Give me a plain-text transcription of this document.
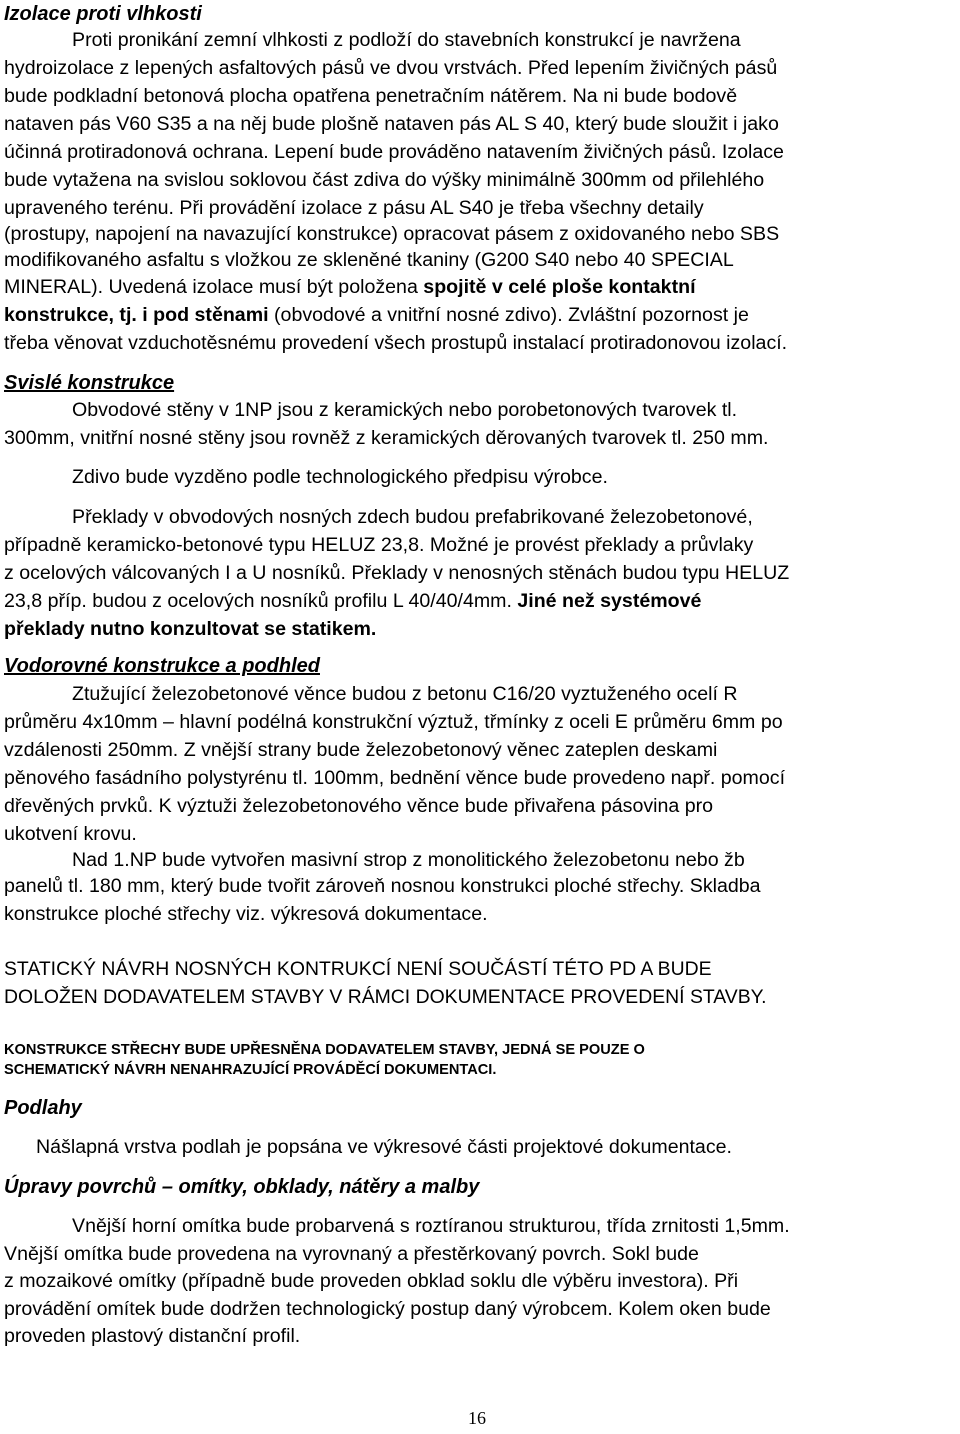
Izolace proti vlhkosti
Proti pronikání zemní vlhkosti z podloží do stavebních konstrukcí je navržena
hydroizolace z lepených asfaltových pásů ve dvou vrstvách. Před lepením živičných pásů
bude podkladní betonová plocha opatřena penetračním nátěrem. Na ni bude bodově
nataven pás V60 S35 a na něj bude plošně nataven pás AL S 40, který bude sloužit i jako
účinná protiradonová ochrana. Lepení bude prováděno natavením živičných pásů. Izolace
bude vytažena na svislou soklovou část zdiva do výšky minimálně 300mm od přilehlého
upraveného terénu. Při provádění izolace z pásu AL S40 je třeba všechny detaily
(prostupy, napojení na navazující konstrukce) opracovat pásem z oxidovaného nebo SBS
modifikovaného asfaltu s vložkou ze skleněné tkaniny (G200 S40 nebo 40 SPECIAL
MINERAL). Uvedená izolace musí být položena spojitě v celé ploše kontaktní
konstrukce, tj. i pod stěnami (obvodové a vnitřní nosné zdivo). Zvláštní pozornost je
třeba věnovat vzduchotěsnému provedení všech prostupů instalací protiradonovou izolací.
Svislé konstrukce
Obvodové stěny v 1NP jsou z keramických nebo porobetonových tvarovek tl.
300mm, vnitřní nosné stěny jsou rovněž z keramických děrovaných tvarovek tl. 250 mm.
Zdivo bude vyzděno podle technologického předpisu výrobce.
Překlady v obvodových nosných zdech budou prefabrikované železobetonové,
případně keramicko-betonové typu HELUZ 23,8. Možné je provést překlady a průvlaky
z ocelových válcovaných I a U nosníků. Překlady v nenosných stěnách budou typu HELUZ
23,8 příp. budou z ocelových nosníků profilu L 40/40/4mm. Jiné než systémové
překlady nutno konzultovat se statikem.
Vodorovné konstrukce a podhled
Ztužující železobetonové věnce budou z betonu C16/20 vyztuženého ocelí R
průměru 4x10mm – hlavní podélná konstrukční výztuž, třmínky z oceli E průměru 6mm po
vzdálenosti 250mm. Z vnější strany bude železobetonový věnec zateplen deskami
pěnového fasádního polystyrénu tl. 100mm, bednění věnce bude provedeno např. pomocí
dřevěných prvků. K výztuži železobetonového věnce bude přivařena pásovina pro
ukotvení krovu.
Nad 1.NP bude vytvořen masivní strop z monolitického železobetonu nebo žb
panelů tl. 180 mm, který bude tvořit zároveň nosnou konstrukci ploché střechy. Skladba
konstrukce ploché střechy viz. výkresová dokumentace.
STATICKÝ NÁVRH NOSNÝCH KONTRUKCÍ NENÍ SOUČÁSTÍ TÉTO PD A BUDE
DOLOŽEN DODAVATELEM STAVBY V RÁMCI DOKUMENTACE PROVEDENÍ STAVBY.
KONSTRUKCE STŘECHY BUDE UPŘESNĚNA DODAVATELEM STAVBY, JEDNÁ SE POUZE O
SCHEMATICKÝ NÁVRH NENAHRAZUJÍCÍ PROVÁDĚCÍ DOKUMENTACI.
Podlahy
Nášlapná vrstva podlah je popsána ve výkresové části projektové dokumentace.
Úpravy povrchů – omítky, obklady, nátěry a malby
Vnější horní omítka bude probarvená s roztíranou strukturou, třída zrnitosti 1,5mm.
Vnější omítka bude provedena na vyrovnaný a přestěrkovaný povrch. Sokl bude
z mozaikové omítky (případně bude proveden obklad soklu dle výběru investora). Při
provádění omítek bude dodržen technologický postup daný výrobcem. Kolem oken bude
proveden plastový distanční profil.
16
